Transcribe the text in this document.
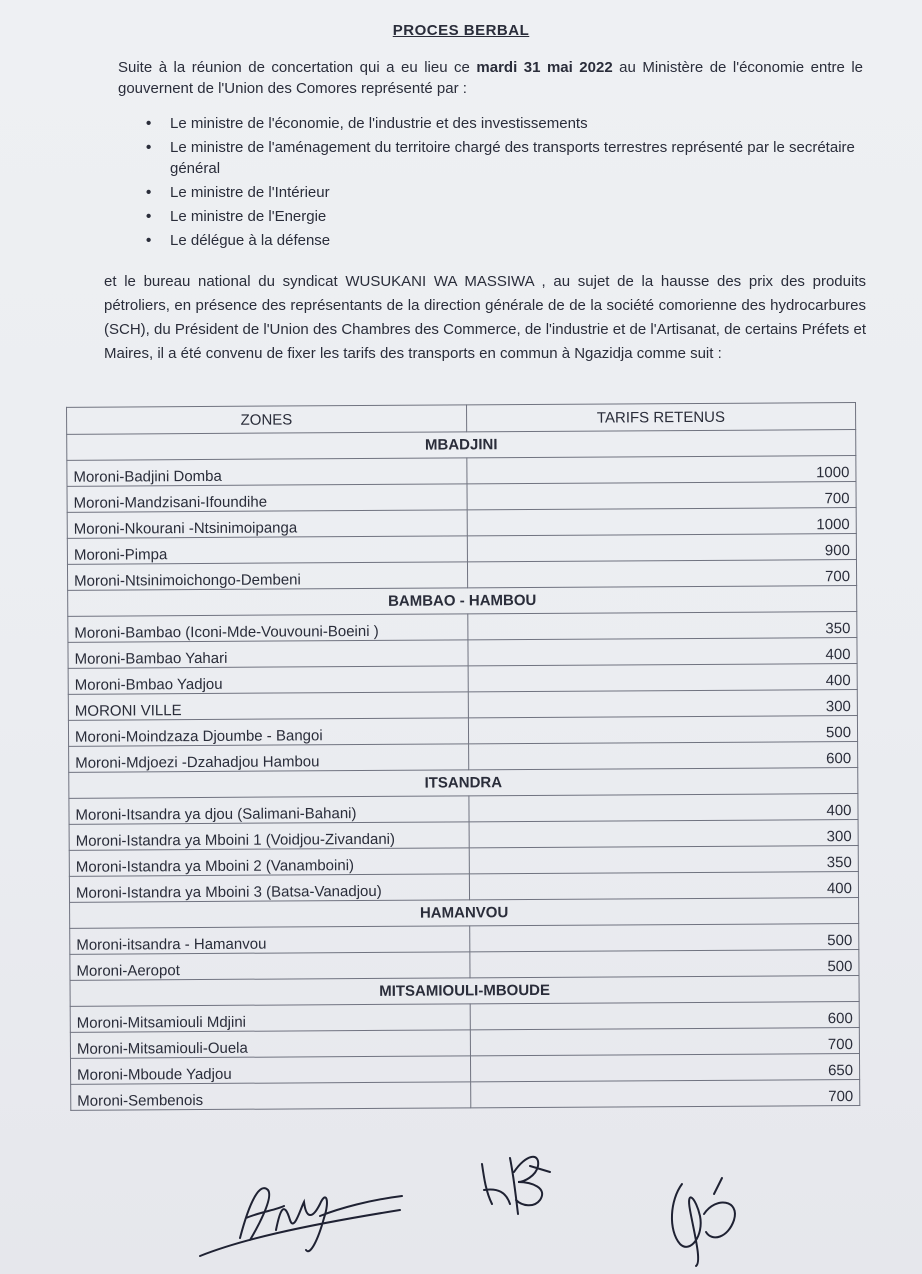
PROCES BERBAL
Suite à la réunion de concertation qui a eu lieu ce mardi 31 mai 2022 au Ministère de l'économie entre le gouvernent de l'Union des Comores représenté par :
• Le ministre de l'économie, de l'industrie et des investissements
• Le ministre de l'aménagement du territoire chargé des transports terrestres représenté par le secrétaire général
• Le ministre de l'Intérieur
• Le ministre de l'Energie
• Le délégue à la défense
et le bureau national du syndicat WUSUKANI WA MASSIWA , au sujet de la hausse des prix des produits pétroliers, en présence des représentants de la direction générale de de la société comorienne des hydrocarbures (SCH), du Président de l'Union des Chambres des Commerce, de l'industrie et de l'Artisanat, de certains Préfets et Maires, il a été convenu de fixer les tarifs des transports en commun à Ngazidja comme suit :
ZONES	TARIFS RETENUS
MBADJINI	
Moroni-Badjini Domba	1000
Moroni-Mandzisani-Ifoundihe	700
Moroni-Nkourani -Ntsinimoipanga	1000
Moroni-Pimpa	900
Moroni-Ntsinimoichongo-Dembeni	700
BAMBAO - HAMBOU	
Moroni-Bambao (Iconi-Mde-Vouvouni-Boeini )	350
Moroni-Bambao Yahari	400
Moroni-Bmbao Yadjou	400
MORONI VILLE	300
Moroni-Moindzaza Djoumbe - Bangoi	500
Moroni-Mdjoezi -Dzahadjou Hambou	600
ITSANDRA	
Moroni-Itsandra ya djou (Salimani-Bahani)	400
Moroni-Istandra ya Mboini 1 (Voidjou-Zivandani)	300
Moroni-Istandra ya Mboini 2 (Vanamboini)	350
Moroni-Istandra ya Mboini 3 (Batsa-Vanadjou)	400
HAMANVOU	
Moroni-itsandra - Hamanvou	500
Moroni-Aeropot	500
MITSAMIOULI-MBOUDE	
Moroni-Mitsamiouli Mdjini	600
Moroni-Mitsamiouli-Ouela	700
Moroni-Mboude Yadjou	650
Moroni-Sembenois	700
